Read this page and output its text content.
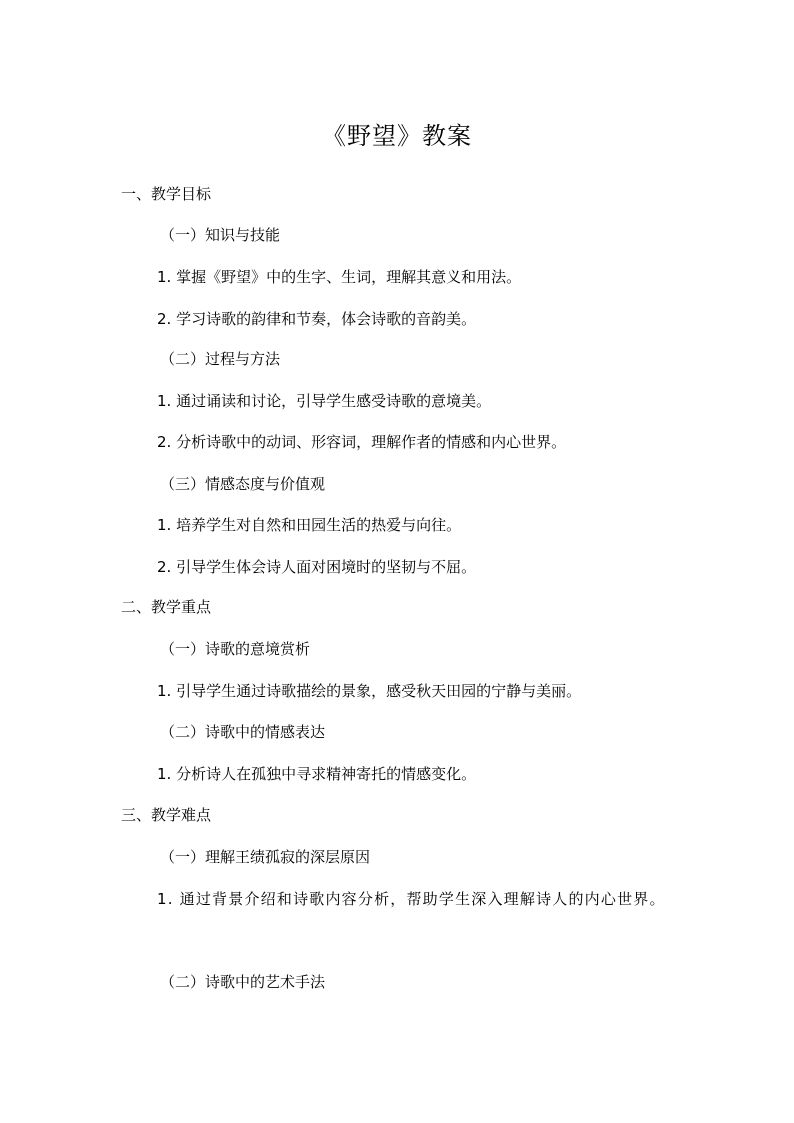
《野望》教案
一、教学目标
（一）知识与技能
1. 掌握《野望》中的生字、生词，理解其意义和用法。
2. 学习诗歌的韵律和节奏，体会诗歌的音韵美。
（二）过程与方法
1. 通过诵读和讨论，引导学生感受诗歌的意境美。
2. 分析诗歌中的动词、形容词，理解作者的情感和内心世界。
（三）情感态度与价值观
1. 培养学生对自然和田园生活的热爱与向往。
2. 引导学生体会诗人面对困境时的坚韧与不屈。
二、教学重点
（一）诗歌的意境赏析
1. 引导学生通过诗歌描绘的景象，感受秋天田园的宁静与美丽。
（二）诗歌中的情感表达
1. 分析诗人在孤独中寻求精神寄托的情感变化。
三、教学难点
（一）理解王绩孤寂的深层原因
1. 通过背景介绍和诗歌内容分析，帮助学生深入理解诗人的内心世界。
（二）诗歌中的艺术手法
